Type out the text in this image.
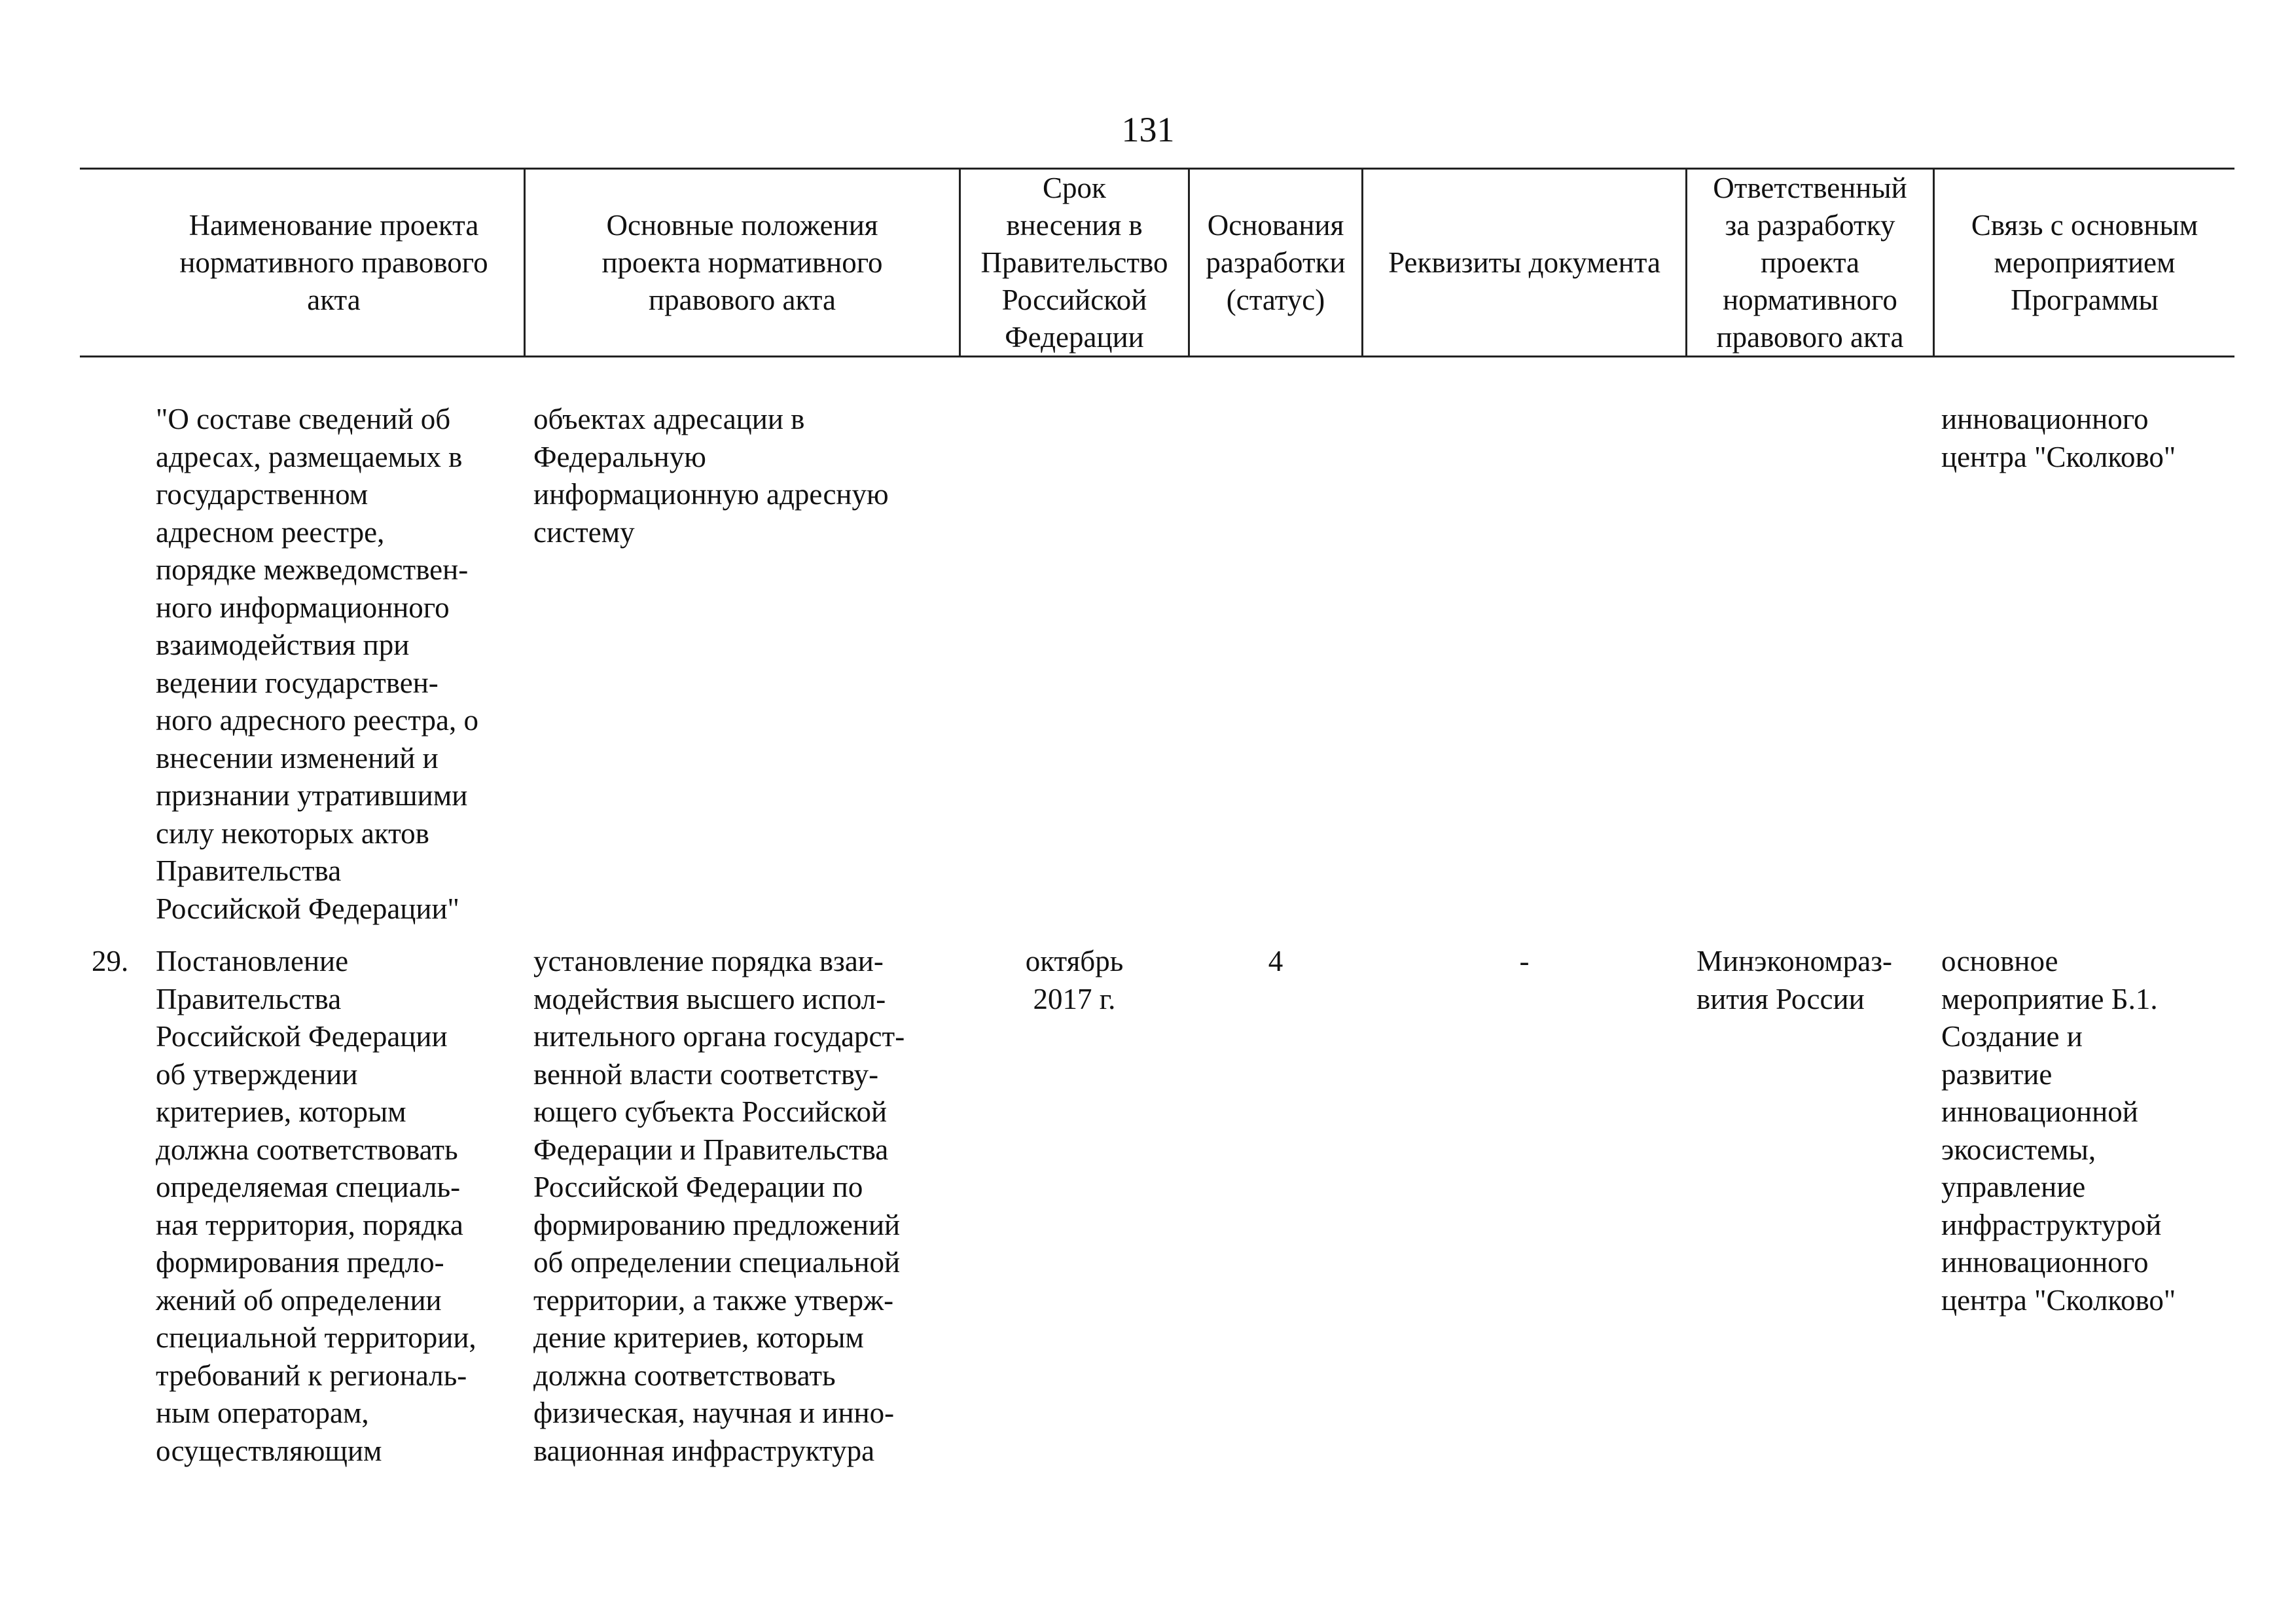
131
Наименование проекта
нормативного правового
акта
Основные положения
проекта нормативного
правового акта
Срок
внесения в
Правительство
Российской
Федерации
Основания
разработки
(статус)
Реквизиты документа
Ответственный
за разработку
проекта
нормативного
правового акта
Связь с основным
мероприятием
Программы
"О составе сведений об
адресах, размещаемых в
государственном
адресном реестре,
порядке межведомствен-
ного информационного
взаимодействия при
ведении государствен-
ного адресного реестра, о
внесении изменений и
признании утратившими
силу некоторых актов
Правительства
Российской Федерации"
объектах адресации в
Федеральную
информационную адресную
систему
инновационного
центра "Сколково"
29. Постановление
Правительства
Российской Федерации
об утверждении
критериев, которым
должна соответствовать
определяемая специаль-
ная территория, порядка
формирования предло-
жений об определении
специальной территории,
требований к региональ-
ным операторам,
осуществляющим
установление порядка взаи-
модействия высшего испол-
нительного органа государст-
венной власти соответству-
ющего субъекта Российской
Федерации и Правительства
Российской Федерации по
формированию предложений
об определении специальной
территории, а также утверж-
дение критериев, которым
должна соответствовать
физическая, научная и инно-
вационная инфраструктура
октябрь
2017 г.
4	-	Минэкономраз-
вития России
основное
мероприятие Б.1.
Создание и
развитие
инновационной
экосистемы,
управление
инфраструктурой
инновационного
центра "Сколково"
